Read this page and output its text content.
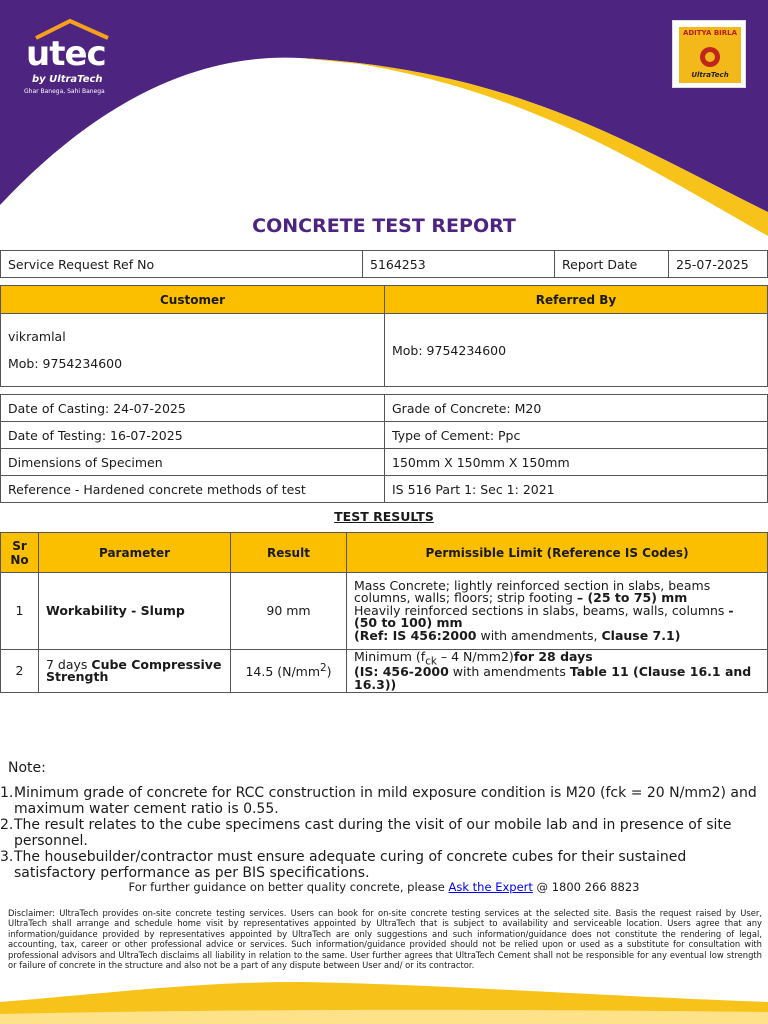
utec
by UltraTech
Ghar Banega, Sahi Banega
ADITYA BIRLA
UltraTech
CONCRETE TEST REPORT
Service Request Ref No	5164253	Report Date	25-07-2025
Customer	Referred By

vikramlal
Mob: 9754234600	Mob: 9754234600
Date of Casting: 24-07-2025	Grade of Concrete: M20
Date of Testing: 16-07-2025	Type of Cement: Ppc
Dimensions of Specimen	150mm X 150mm X 150mm
Reference - Hardened concrete methods of test	IS 516 Part 1: Sec 1: 2021
TEST RESULTS
Sr No	Parameter	Result	Permissible Limit (Reference IS Codes)
1	Workability - Slump	90 mm	Mass Concrete; lightly reinforced section in slabs, beams columns, walls; floors; strip footing – (25 to 75) mm
Heavily reinforced sections in slabs, beams, walls, columns - (50 to 100) mm
(Ref: IS 456:2000 with amendments, Clause 7.1)
2	7 days Cube Compressive Strength	14.5 $(N/mm^2)$	Minimum ($f_{ck} - 4$ N/mm2)for 28 days
(IS: 456-2000 with amendments Table 11 (Clause 16.1 and 16.3))
Note:
1. Minimum grade of concrete for RCC construction in mild exposure condition is M20 (fck = 20 N/mm2) and maximum water cement ratio is 0.55.
2. The result relates to the cube specimens cast during the visit of our mobile lab and in presence of site personnel.
3. The housebuilder/contractor must ensure adequate curing of concrete cubes for their sustained satisfactory performance as per BIS specifications.
For further guidance on better quality concrete, please Ask the Expert @ 1800 266 8823
Disclaimer: UltraTech provides on-site concrete testing services. Users can book for on-site concrete testing services at the selected site. Basis the request raised by User, UltraTech shall arrange and schedule home visit by representatives appointed by UltraTech that is subject to availability and serviceable location. Users agree that any information/guidance provided by representatives appointed by UltraTech are only suggestions and such information/guidance does not constitute the rendering of legal, accounting, tax, career or other professional advice or services. Such information/guidance provided should not be relied upon or used as a substitute for consultation with professional advisors and UltraTech disclaims all liability in relation to the same. User further agrees that UltraTech Cement shall not be responsible for any eventual low strength or failure of concrete in the structure and also not be a part of any dispute between User and/ or its contractor.
